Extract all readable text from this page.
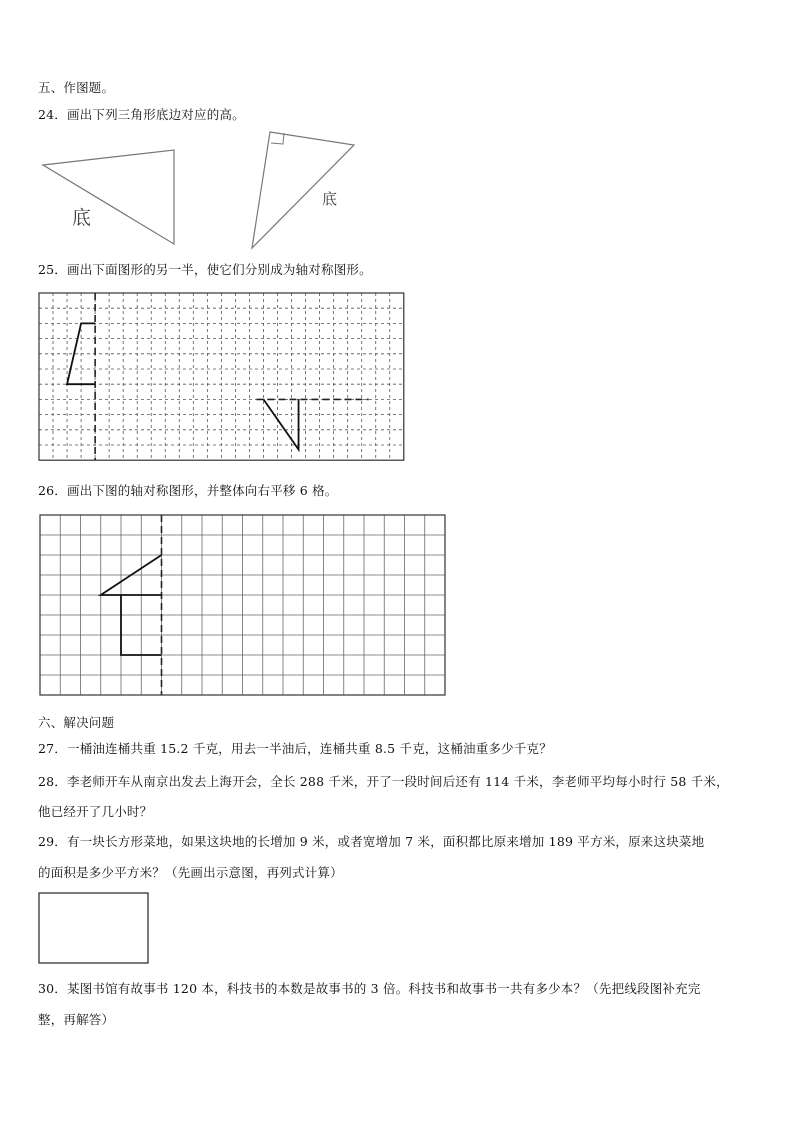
五、作图题。
24．画出下列三角形底边对应的高。
底
底
25．画出下面图形的另一半，使它们分别成为轴对称图形。
26．画出下图的轴对称图形，并整体向右平移 6 格。
六、解决问题
27．一桶油连桶共重 15.2 千克，用去一半油后，连桶共重 8.5 千克，这桶油重多少千克？
28．李老师开车从南京出发去上海开会，全长 288 千米，开了一段时间后还有 114 千米，李老师平均每小时行 58 千米，
他已经开了几小时？
29．有一块长方形菜地，如果这块地的长增加 9 米，或者宽增加 7 米，面积都比原来增加 189 平方米，原来这块菜地
的面积是多少平方米？（先画出示意图，再列式计算）
30．某图书馆有故事书 120 本，科技书的本数是故事书的 3 倍。科技书和故事书一共有多少本？（先把线段图补充完
整，再解答）
